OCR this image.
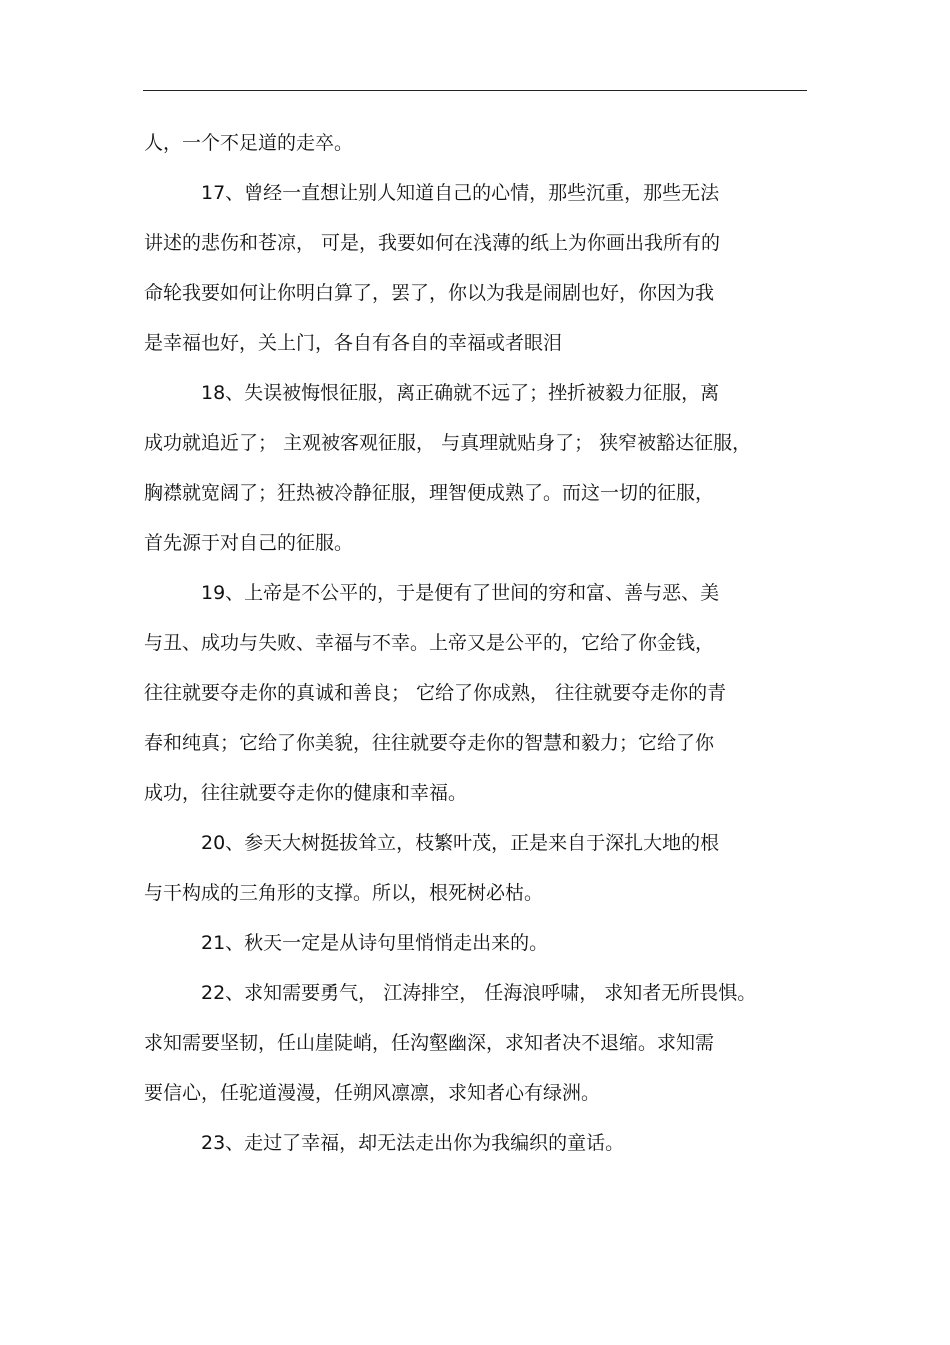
人，一个不足道的走卒。
17、曾经一直想让别人知道自己的心情，那些沉重，那些无法
讲述的悲伤和苍凉， 可是，我要如何在浅薄的纸上为你画出我所有的
命轮我要如何让你明白算了，罢了，你以为我是闹剧也好，你因为我
是幸福也好，关上门，各自有各自的幸福或者眼泪
18、失误被悔恨征服，离正确就不远了；挫折被毅力征服，离
成功就追近了； 主观被客观征服， 与真理就贴身了； 狭窄被豁达征服，
胸襟就宽阔了；狂热被冷静征服，理智便成熟了。而这一切的征服，
首先源于对自己的征服。
19、上帝是不公平的，于是便有了世间的穷和富、善与恶、美
与丑、成功与失败、幸福与不幸。上帝又是公平的，它给了你金钱，
往往就要夺走你的真诚和善良； 它给了你成熟， 往往就要夺走你的青
春和纯真；它给了你美貌，往往就要夺走你的智慧和毅力；它给了你
成功，往往就要夺走你的健康和幸福。
20、参天大树挺拔耸立，枝繁叶茂，正是来自于深扎大地的根
与干构成的三角形的支撑。所以，根死树必枯。
21、秋天一定是从诗句里悄悄走出来的。
22、求知需要勇气， 江涛排空， 任海浪呼啸， 求知者无所畏惧。
求知需要坚韧，任山崖陡峭，任沟壑幽深，求知者决不退缩。求知需
要信心，任驼道漫漫，任朔风凛凛，求知者心有绿洲。
23、走过了幸福，却无法走出你为我编织的童话。
